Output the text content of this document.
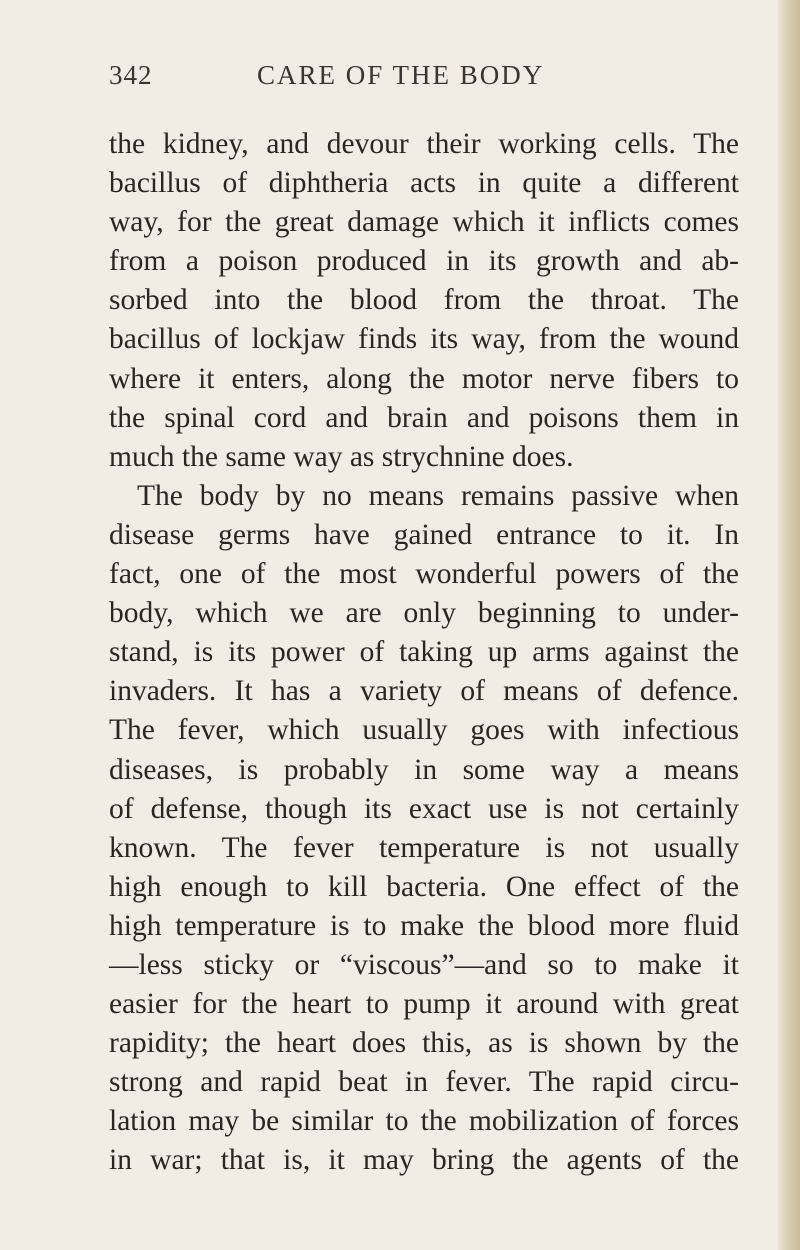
342	CARE OF THE BODY
the kidney, and devour their working cells. The
bacillus of diphtheria acts in quite a different
way, for the great damage which it inflicts comes
from a poison produced in its growth and ab-
sorbed into the blood from the throat. The
bacillus of lockjaw finds its way, from the wound
where it enters, along the motor nerve fibers to
the spinal cord and brain and poisons them in
much the same way as strychnine does.
The body by no means remains passive when
disease germs have gained entrance to it. In
fact, one of the most wonderful powers of the
body, which we are only beginning to under-
stand, is its power of taking up arms against the
invaders. It has a variety of means of defence.
The fever, which usually goes with infectious
diseases, is probably in some way a means
of defense, though its exact use is not certainly
known. The fever temperature is not usually
high enough to kill bacteria. One effect of the
high temperature is to make the blood more fluid
—less sticky or “viscous”—and so to make it
easier for the heart to pump it around with great
rapidity; the heart does this, as is shown by the
strong and rapid beat in fever. The rapid circu-
lation may be similar to the mobilization of forces
in war; that is, it may bring the agents of the
